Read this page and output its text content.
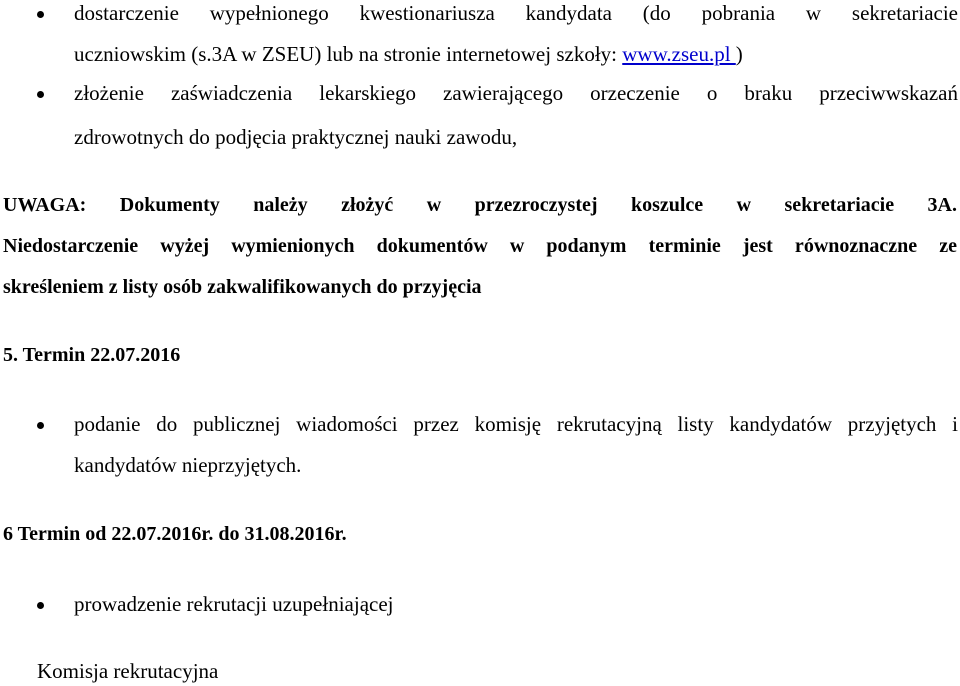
dostarczenie wypełnionego kwestionariusza kandydata (do pobrania w sekretariacie
uczniowskim (s.3A w ZSEU) lub na stronie internetowej szkoły: www.zseu.pl )
złożenie zaświadczenia lekarskiego zawierającego orzeczenie o braku przeciwwskazań
zdrowotnych do podjęcia praktycznej nauki zawodu,
UWAGA: Dokumenty należy złożyć w przezroczystej koszulce w sekretariacie 3A.
Niedostarczenie wyżej wymienionych dokumentów w podanym terminie jest równoznaczne ze
skreśleniem z listy osób zakwalifikowanych do przyjęcia
5. Termin 22.07.2016
podanie do publicznej wiadomości przez komisję rekrutacyjną listy kandydatów przyjętych i
kandydatów nieprzyjętych.
6 Termin od 22.07.2016r. do 31.08.2016r.
prowadzenie rekrutacji uzupełniającej
Komisja rekrutacyjna
